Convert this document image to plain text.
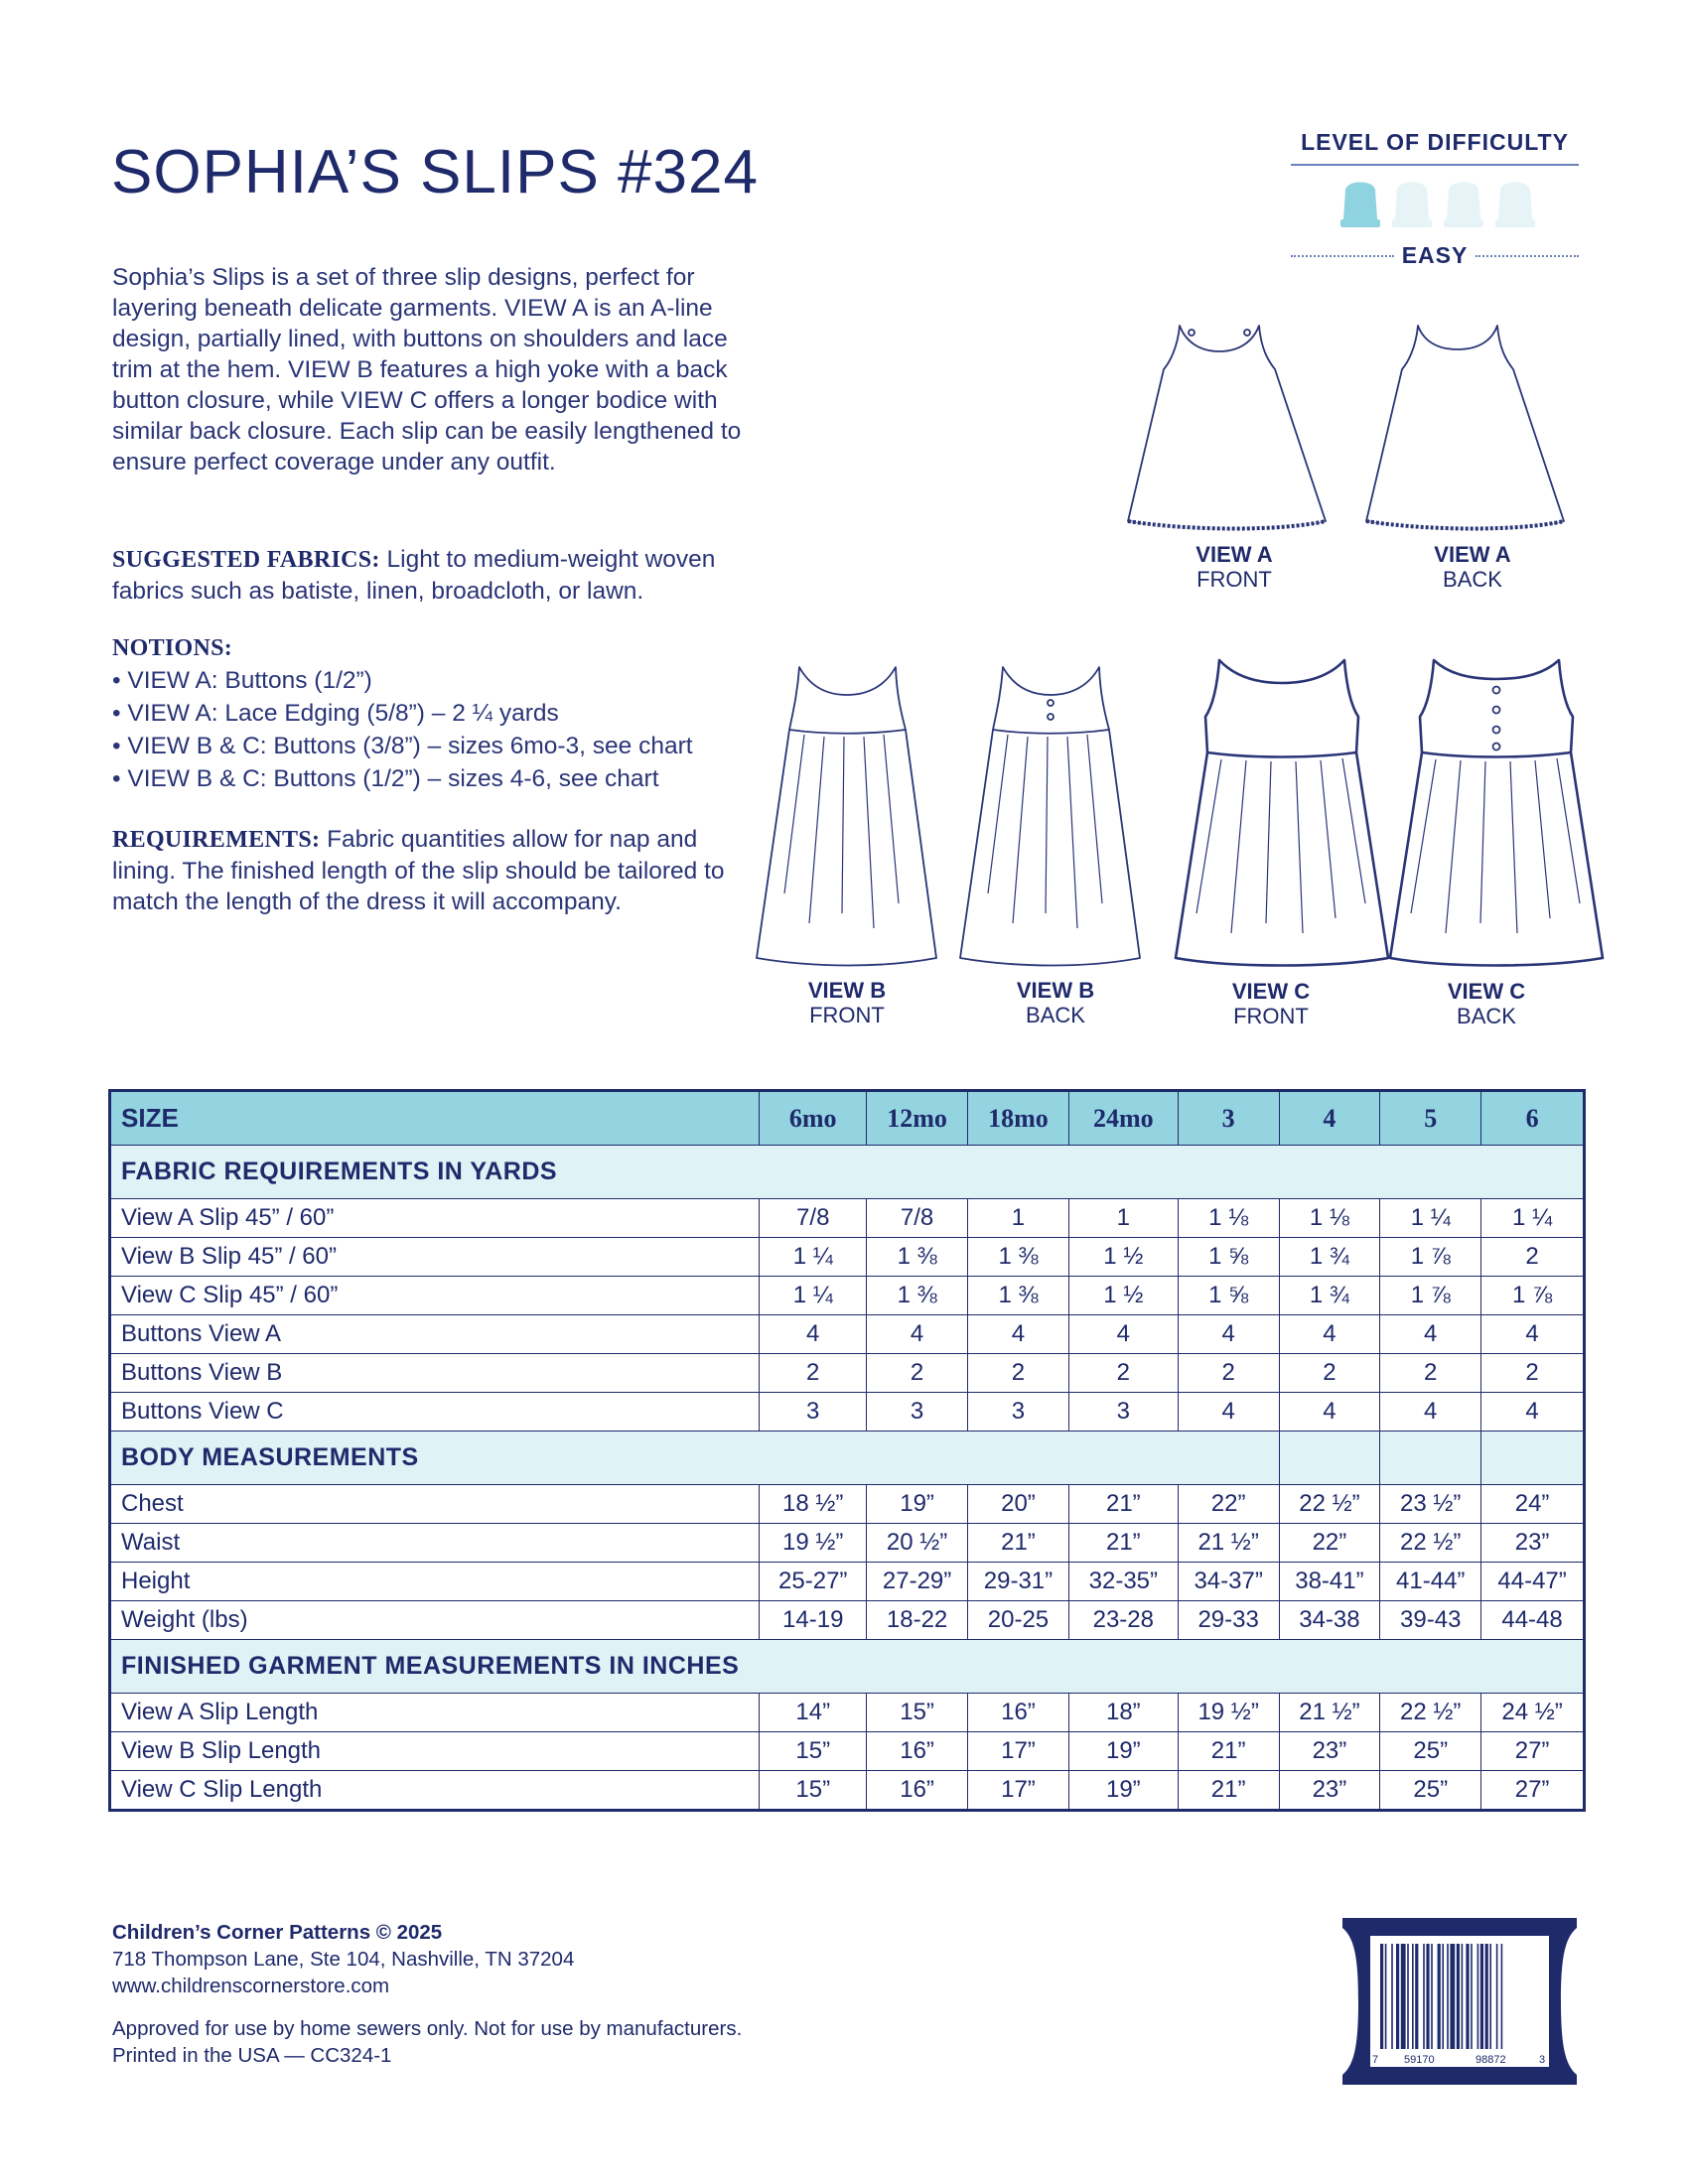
SOPHIA’S SLIPS #324	LEVEL OF DIFFICULTY
EASY
Sophia’s Slips is a set of three slip designs, perfect for layering beneath delicate garments. VIEW A is an A-line design, partially lined, with buttons on shoulders and lace trim at the hem. VIEW B features a high yoke with a back button closure, while VIEW C offers a longer bodice with similar back closure. Each slip can be easily lengthened to ensure perfect coverage under any outfit.
SUGGESTED FABRICS: Light to medium-weight woven fabrics such as batiste, linen, broadcloth, or lawn.
NOTIONS:
• VIEW A: Buttons (1/2”)
• VIEW A: Lace Edging (5/8”) – 2 ¼ yards
• VIEW B & C: Buttons (3/8”) – sizes 6mo-3, see chart
• VIEW B & C: Buttons (1/2”) – sizes 4-6, see chart
REQUIREMENTS: Fabric quantities allow for nap and lining. The finished length of the slip should be tailored to match the length of the dress it will accompany.
VIEW A
FRONT
VIEW A
BACK
VIEW B
FRONT
VIEW B
BACK
VIEW C
FRONT
VIEW C
BACK
SIZE	6mo	12mo	18mo	24mo	3	4	5	6
FABRIC REQUIREMENTS IN YARDS								
View A Slip 45” / 60”	7/8	7/8	1	1	1 ⅛	1 ⅛	1 ¼	1 ¼
View B Slip 45” / 60”	1 ¼	1 ⅜	1 ⅜	1 ½	1 ⅝	1 ¾	1 ⅞	2
View C Slip 45” / 60”	1 ¼	1 ⅜	1 ⅜	1 ½	1 ⅝	1 ¾	1 ⅞	1 ⅞
Buttons View A	4	4	4	4	4	4	4	4
Buttons View B	2	2	2	2	2	2	2	2
Buttons View C	3	3	3	3	4	4	4	4
BODY MEASUREMENTS								
Chest	18 ½”	19”	20”	21”	22”	22 ½”	23 ½”	24”
Waist	19 ½”	20 ½”	21”	21”	21 ½”	22”	22 ½”	23”
Height	25-27”	27-29”	29-31”	32-35”	34-37”	38-41”	41-44”	44-47”
Weight (lbs)	14-19	18-22	20-25	23-28	29-33	34-38	39-43	44-48
FINISHED GARMENT MEASUREMENTS IN INCHES								
View A Slip Length	14”	15”	16”	18”	19 ½”	21 ½”	22 ½”	24 ½”
View B Slip Length	15”	16”	17”	19”	21”	23”	25”	27”
View C Slip Length	15”	16”	17”	19”	21”	23”	25”	27”
Children’s Corner Patterns © 2025
718 Thompson Lane, Ste 104, Nashville, TN 37204
www.childrenscornerstore.com
Approved for use by home sewers only. Not for use by manufacturers.
Printed in the USA — CC324-1	7 59170	98872	3
